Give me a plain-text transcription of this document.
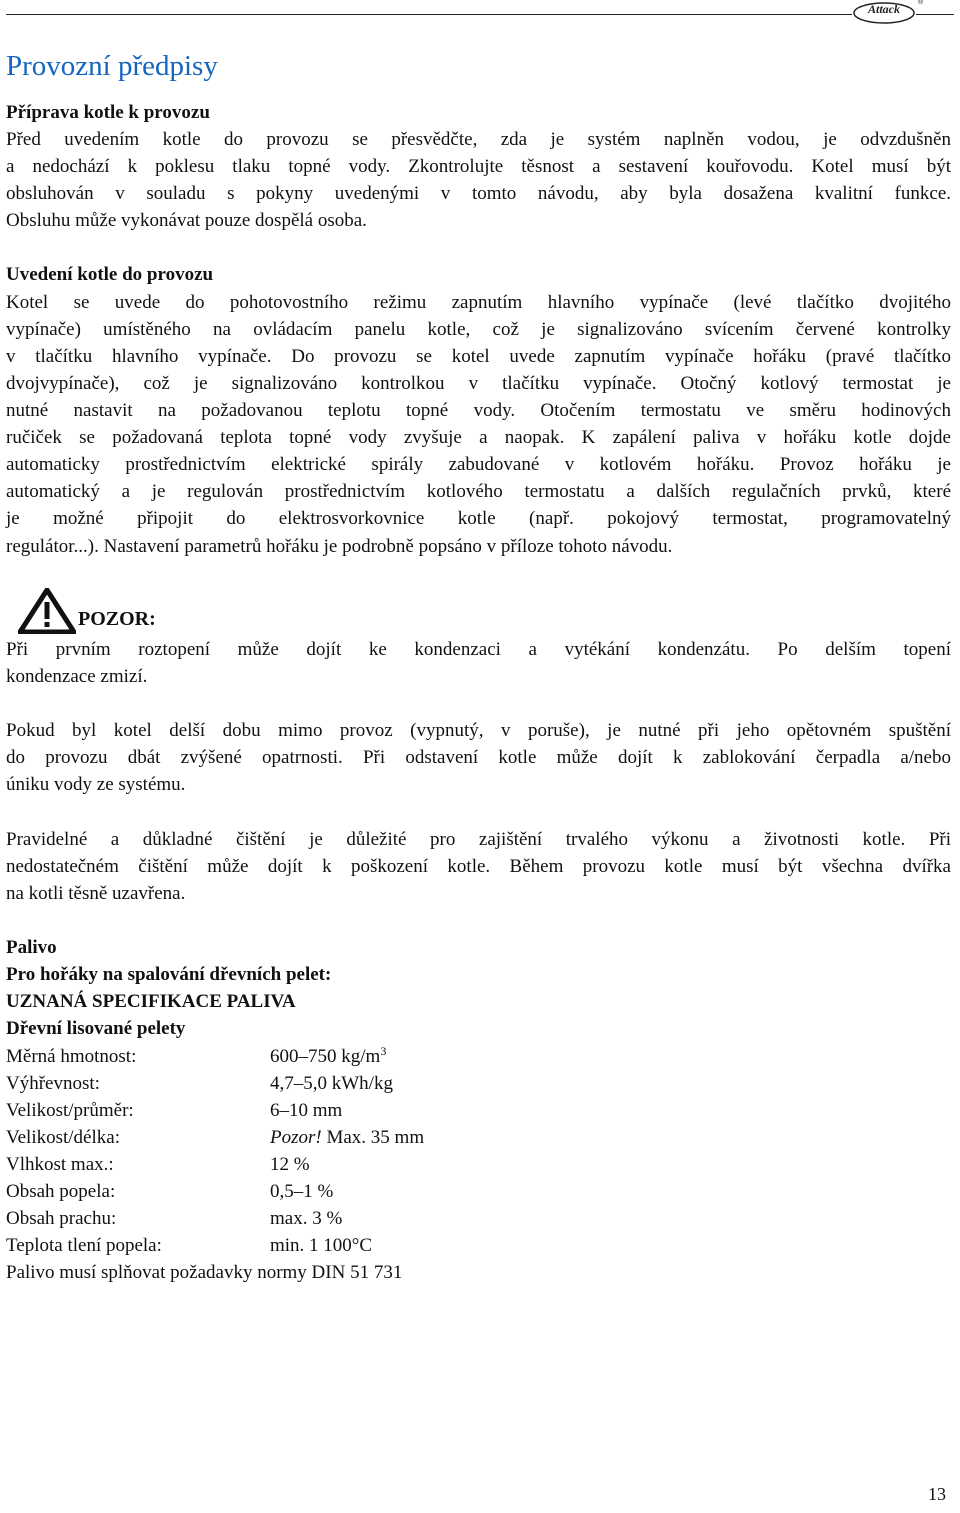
Attack	®
Provozní předpisy
Příprava kotle k provozu
Před uvedením kotle do provozu se přesvědčte, zda je systém naplněn vodou, je odvzdušněn
a nedochází k poklesu tlaku topné vody. Zkontrolujte těsnost a sestavení kouřovodu. Kotel musí být
obsluhován v souladu s pokyny uvedenými v tomto návodu, aby byla dosažena kvalitní funkce.
Obsluhu může vykonávat pouze dospělá osoba.
Uvedení kotle do provozu
Kotel se uvede do pohotovostního režimu zapnutím hlavního vypínače (levé tlačítko dvojitého
vypínače) umístěného na ovládacím panelu kotle, což je signalizováno svícením červené kontrolky
v tlačítku hlavního vypínače. Do provozu se kotel uvede zapnutím vypínače hořáku (pravé tlačítko
dvojvypínače), což je signalizováno kontrolkou v tlačítku vypínače. Otočný kotlový termostat je
nutné nastavit na požadovanou teplotu topné vody. Otočením termostatu ve směru hodinových
ručiček se požadovaná teplota topné vody zvyšuje a naopak. K zapálení paliva v hořáku kotle dojde
automaticky prostřednictvím elektrické spirály zabudované v kotlovém hořáku. Provoz hořáku je
automatický a je regulován prostřednictvím kotlového termostatu a dalších regulačních prvků, které
je možné připojit do elektrosvorkovnice kotle (např. pokojový termostat, programovatelný
regulátor...). Nastavení parametrů hořáku je podrobně popsáno v příloze tohoto návodu.
POZOR:
Při prvním roztopení může dojít ke kondenzaci a vytékání kondenzátu. Po delším topení
kondenzace zmizí.
Pokud byl kotel delší dobu mimo provoz (vypnutý, v poruše), je nutné při jeho opětovném spuštění
do provozu dbát zvýšené opatrnosti. Při odstavení kotle může dojít k zablokování čerpadla a/nebo
úniku vody ze systému.
Pravidelné a důkladné čištění je důležité pro zajištění trvalého výkonu a životnosti kotle. Při
nedostatečném čištění může dojít k poškození kotle. Během provozu kotle musí být všechna dvířka
na kotli těsně uzavřena.
Palivo
Pro hořáky na spalování dřevních pelet:
UZNANÁ SPECIFIKACE PALIVA
Dřevní lisované pelety
Měrná hmotnost:	600–750 $kg/m^3$
Výhřevnost:	4,7–5,0 kWh/kg
Velikost/průměr:	6–10 mm
Velikost/délka:	Pozor! Max. 35 mm
Vlhkost max.:	12 %
Obsah popela:	0,5–1 %
Obsah prachu:	max. 3 %
Teplota tlení popela:	min. 1 100°C
Palivo musí splňovat požadavky normy DIN 51 731
13
